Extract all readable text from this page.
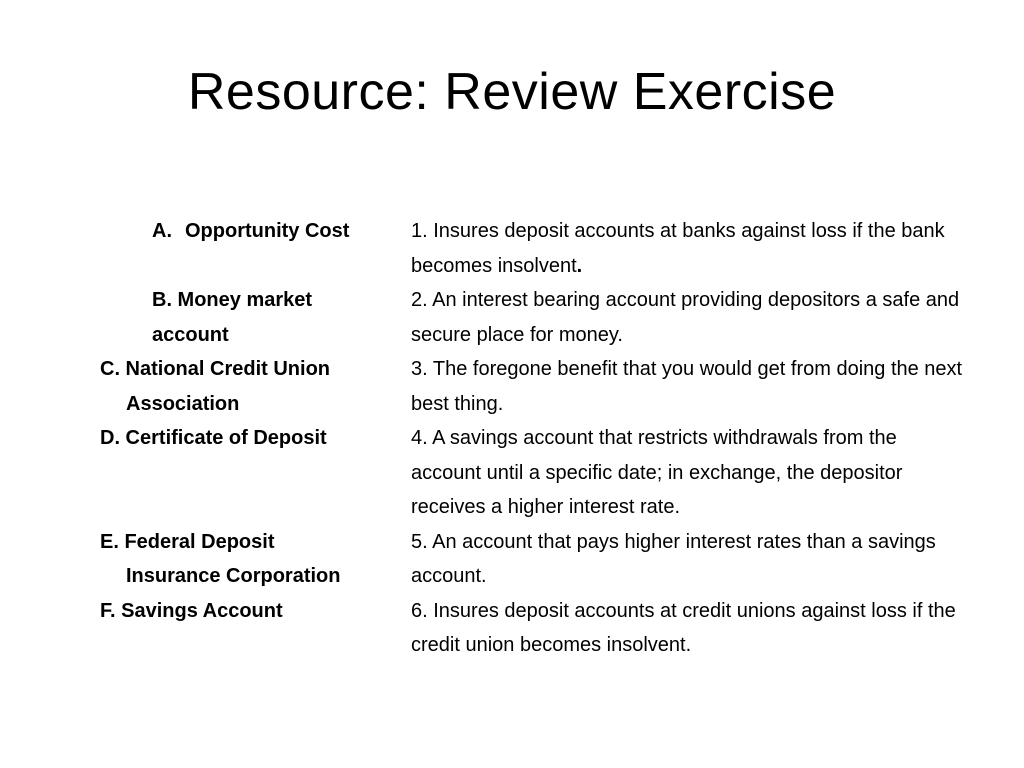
Resource: Review Exercise
A. Opportunity Cost
B. Money market
account
C. National Credit Union
Association
D. Certificate of Deposit
E. Federal Deposit
Insurance Corporation
F. Savings Account
1. Insures deposit accounts at banks against loss if the bank becomes insolvent.
2. An interest bearing account providing depositors a safe and secure place for money.
3. The foregone benefit that you would get from doing the next best thing.
4. A savings account that restricts withdrawals from the account until a specific date; in exchange, the depositor receives a higher interest rate.
5. An account that pays higher interest rates than a savings account.
6. Insures deposit accounts at credit unions against loss if the credit union becomes insolvent.
